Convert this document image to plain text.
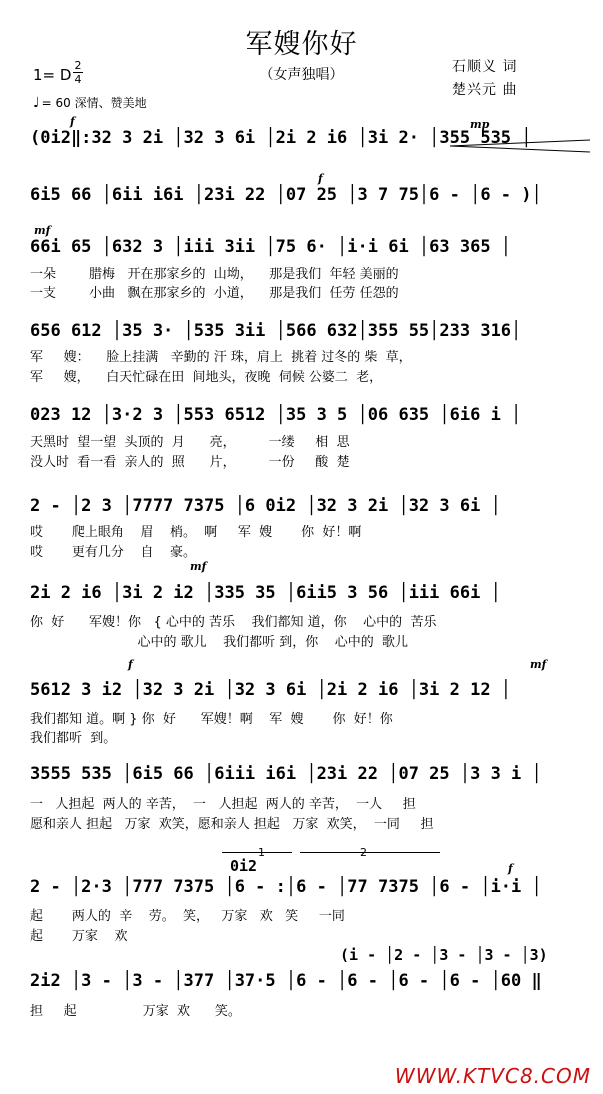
军嫂你好
（女声独唱）	石顺义 词
楚兴元 曲
1= D
2
4
♩ = 60 深情、赞美地
f	mp
f
mf
mf
f	mf
f
(0i2‖:32 3 2i │32 3 6i │2i 2 i6 │3i 2· │355 535 │
6i5 66 │6ii i6i │23i 22 │07 25 │3 7 75│6 - │6 - )│
66i 65 │632 3 │iii 3ii │75 6· │i·i 6i │63 365 │
一朵        腊梅   开在那家乡的  山坳，    那是我们  年轻 美丽的
一支        小曲   飘在那家乡的  小道，    那是我们  任劳 任怨的
656 612 │35 3· │535 3ii │566 632│355 55│233 316│
军     嫂：    脸上挂满   辛勤的 汗 珠，肩上  挑着 过冬的 柴  草，
军     嫂，    白天忙碌在田  间地头，夜晚  伺候 公婆二  老，
023 12 │3·2 3 │553 6512 │35 3 5 │06 635 │6i6 i │
天黑时  望一望  头顶的  月      亮，        一缕     相  思
没人时  看一看  亲人的  照      片，        一份     酸  楚
2 - │2 3 │7777 7375 │6 0i2 │32 3 2i │32 3 6i │
哎       爬上眼角    眉    梢。  啊     军  嫂       你  好！啊
哎       更有几分    自    豪。
2i 2 i6 │3i 2 i2 │335 35 │6ii5 3 56 │iii 66i │
你  好      军嫂！你   { 心中的 苦乐    我们都知 道，你    心中的  苦乐
心中的 歌儿    我们都听 到，你    心中的  歌儿
5612 3 i2 │32 3 2i │32 3 6i │2i 2 i6 │3i 2 12 │
我们都知 道。啊 } 你  好      军嫂！啊    军  嫂       你  好！你
我们都听  到。
3555 535 │6i5 66 │6iii i6i │23i 22 │07 25 │3 3 i │
一   人担起  两人的 辛苦，  一   人担起  两人的 辛苦，  一人     担
愿和亲人 担起   万家  欢笑，愿和亲人 担起   万家  欢笑，  一同     担
1	2
0i2
2 - │2·3 │777 7375 │6 - :│6 - │77 7375 │6 - │i·i │
起       两人的  辛    劳。  笑，   万家   欢   笑     一同
起       万家    欢
(i - │2 - │3 - │3 - │3)
2i2 │3 - │3 - │377 │37·5 │6 - │6 - │6 - │6 - │60 ‖
担     起                万家  欢      笑。
WWW.KTVC8.COM
